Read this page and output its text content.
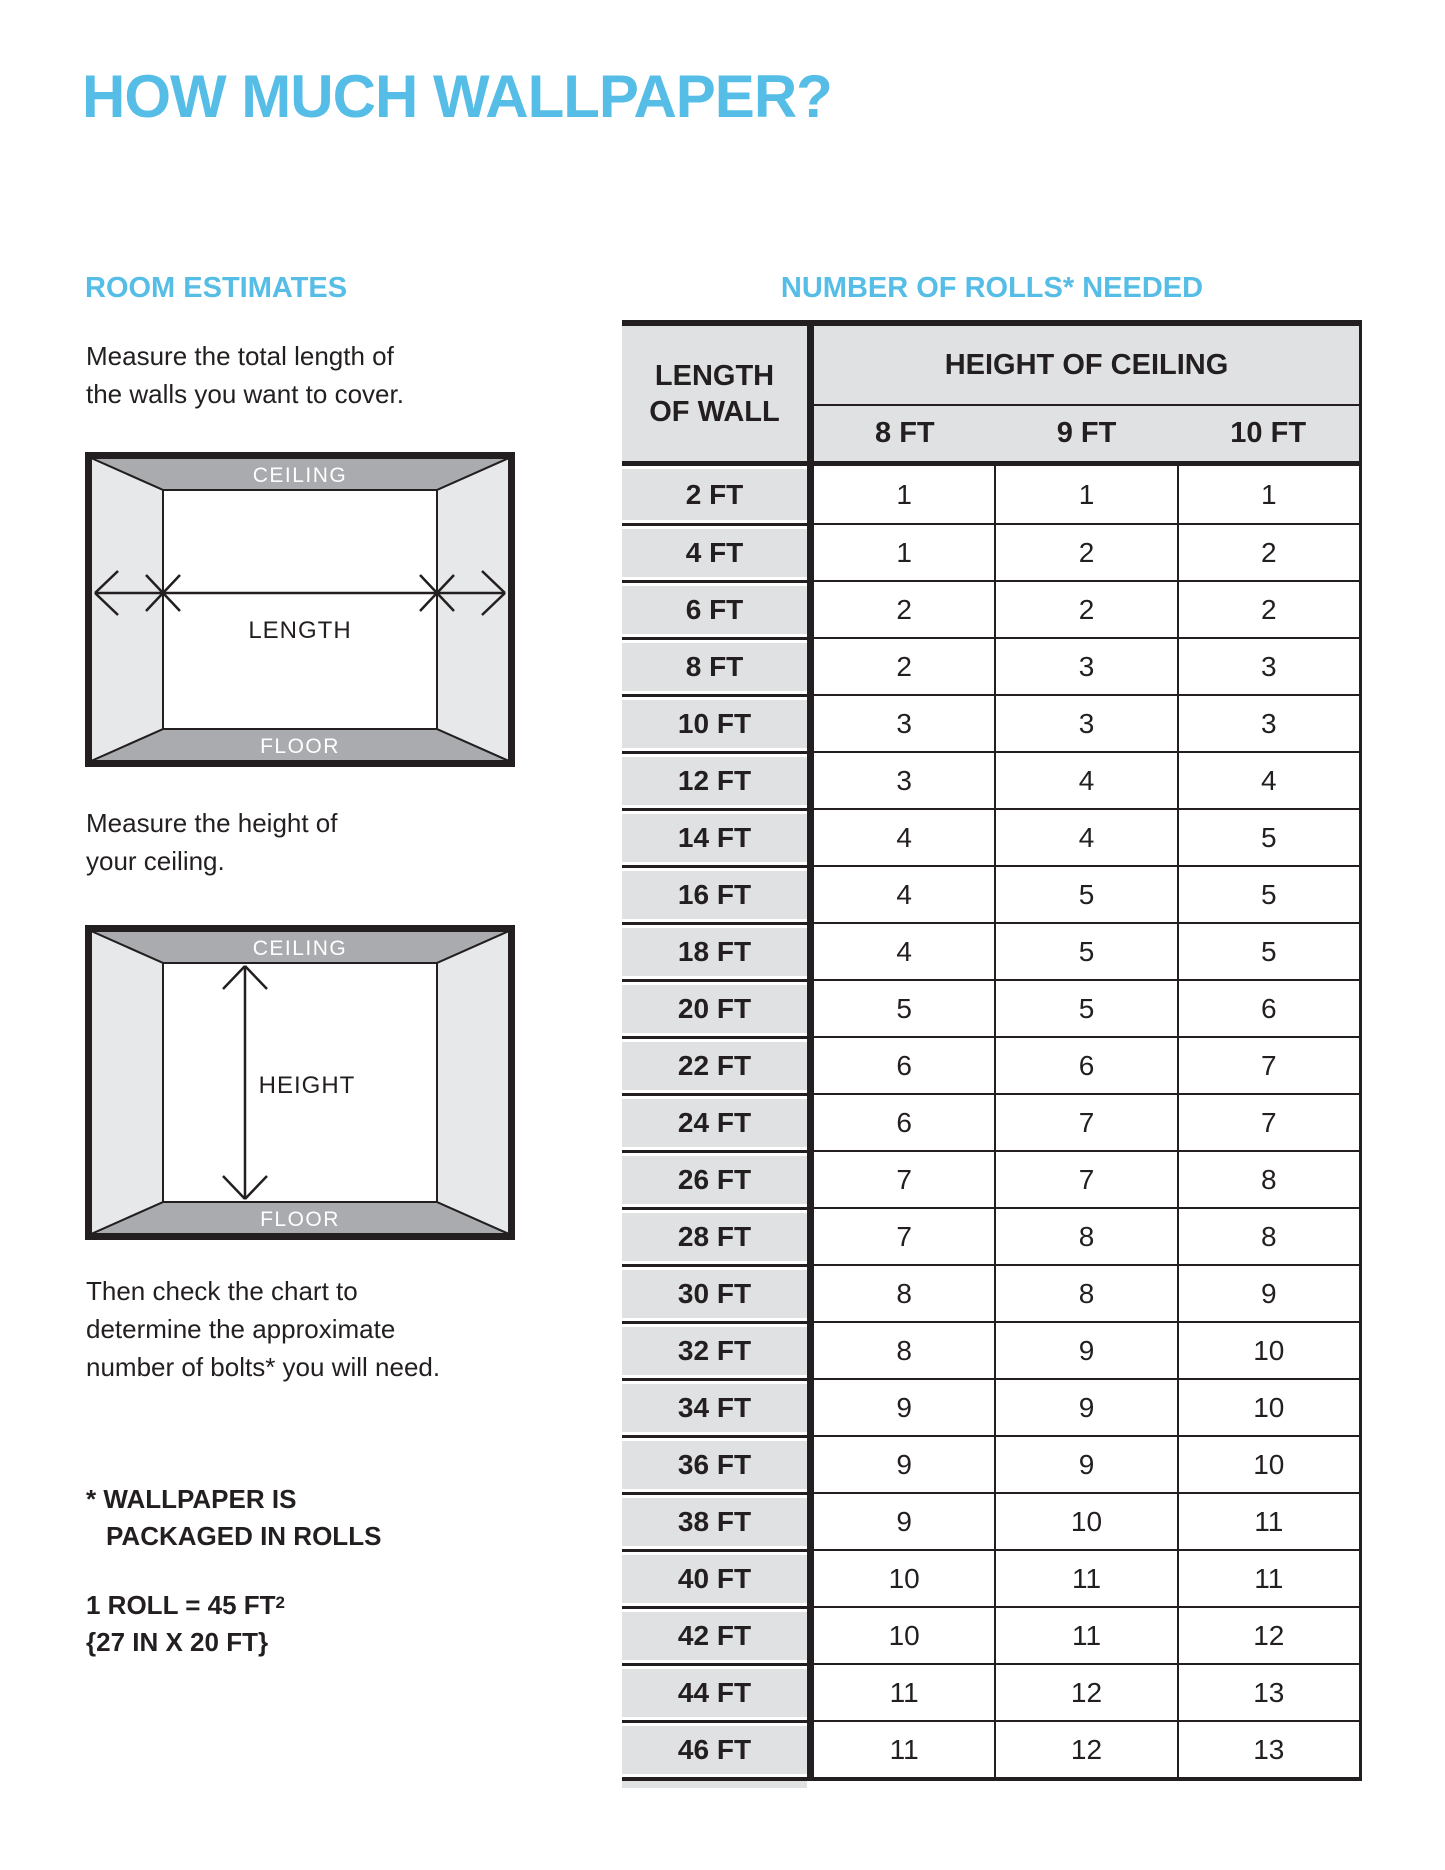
HOW MUCH WALLPAPER?
ROOM ESTIMATES	NUMBER OF ROLLS* NEEDED
Measure the total length of
the walls you want to cover.
CEILING
FLOOR
LENGTH
Measure the height of
your ceiling.
CEILING
FLOOR
HEIGHT
Then check the chart to
determine the approximate
number of bolts* you will need.
* WALLPAPER IS
PACKAGED IN ROLLS
1 ROLL = 45 $FT^2$
{27 IN X 20 FT}
LENGTH
OF WALL
HEIGHT OF CEILING
8 FT	9 FT	10 FT
2 FT	1	1	1
4 FT	1	2	2
6 FT	2	2	2
8 FT	2	3	3
10 FT	3	3	3
12 FT	3	4	4
14 FT	4	4	5
16 FT	4	5	5
18 FT	4	5	5
20 FT	5	5	6
22 FT	6	6	7
24 FT	6	7	7
26 FT	7	7	8
28 FT	7	8	8
30 FT	8	8	9
32 FT	8	9	10
34 FT	9	9	10
36 FT	9	9	10
38 FT	9	10	11
40 FT	10	11	11
42 FT	10	11	12
44 FT	11	12	13
46 FT	11	12	13
